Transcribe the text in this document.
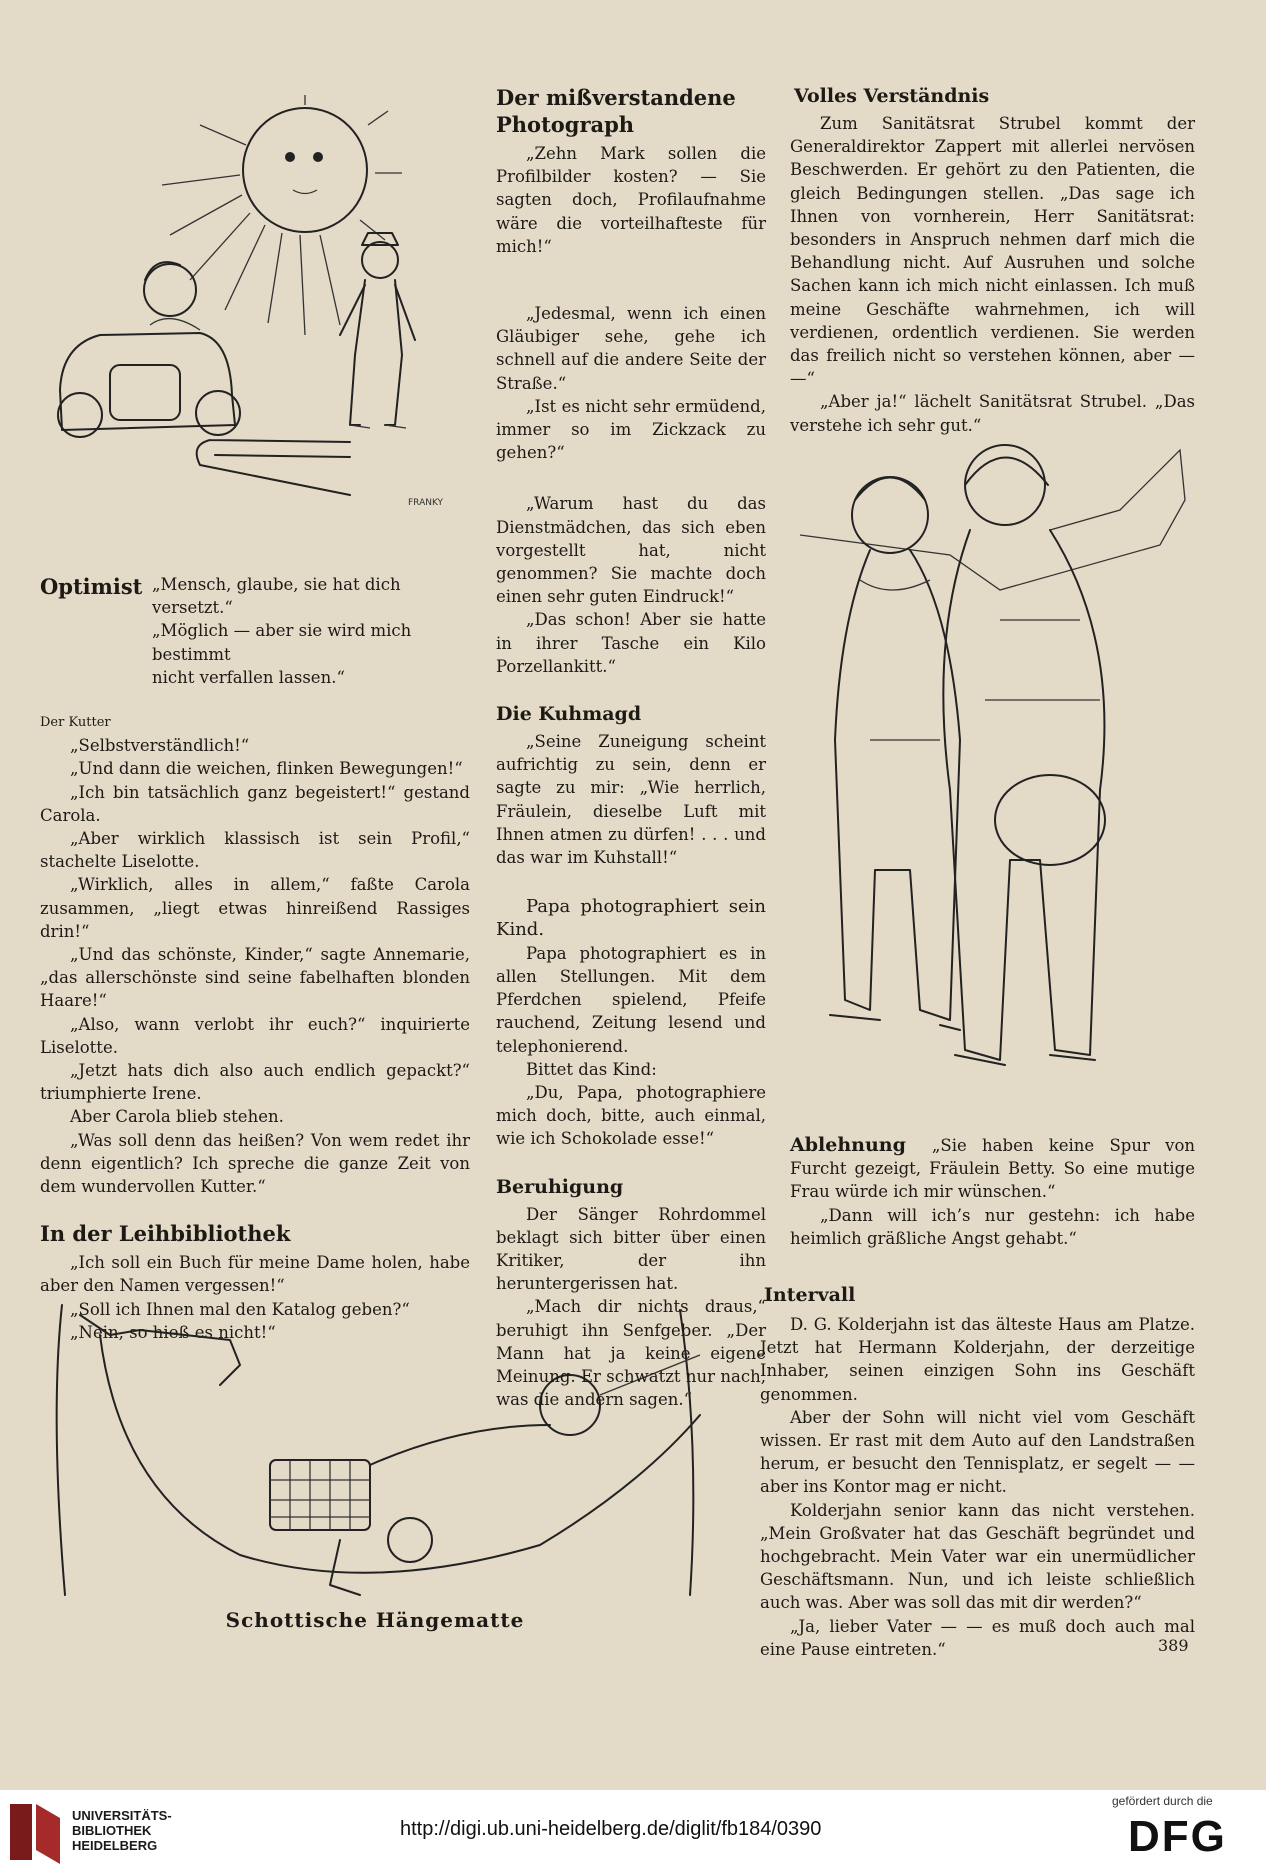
FRANKY
Optimist „Mensch, glaube, sie hat dich versetzt.“
„Möglich — aber sie wird mich bestimmt
nicht verfallen lassen.“
Der Kutter

„Selbstverständlich!“

„Und dann die weichen, flinken Bewegungen!“

„Ich bin tatsächlich ganz begeistert!“ gestand Carola.

„Aber wirklich klassisch ist sein Profil,“ stachelte Liselotte.

„Wirklich, alles in allem,“ faßte Carola zusammen, „liegt etwas hinreißend Rassiges drin!“

„Und das schönste, Kinder,“ sagte Annemarie, „das allerschönste sind seine fabelhaften blonden Haare!“

„Also, wann verlobt ihr euch?“ inquirierte Liselotte.

„Jetzt hats dich also auch endlich gepackt?“ triumphierte Irene.

Aber Carola blieb stehen.

„Was soll denn das heißen? Von wem redet ihr denn eigentlich? Ich spreche die ganze Zeit von dem wundervollen Kutter.“

In der Leihbibliothek

„Ich soll ein Buch für meine Dame holen, habe aber den Namen vergessen!“

„Soll ich Ihnen mal den Katalog geben?“

„Nein, so hieß es nicht!“

Schottische Hängematte
Der mißverstandene
Photograph

„Zehn Mark sollen die Profilbilder kosten? — Sie sagten doch, Profilaufnahme wäre die vorteilhafteste für mich!“

„Jedesmal, wenn ich einen Gläubiger sehe, gehe ich schnell auf die andere Seite der Straße.“

„Ist es nicht sehr ermüdend, immer so im Zickzack zu gehen?“

„Warum hast du das Dienstmädchen, das sich eben vorgestellt hat, nicht genommen? Sie machte doch einen sehr guten Eindruck!“

„Das schon! Aber sie hatte in ihrer Tasche ein Kilo Porzellankitt.“

Die Kuhmagd

„Seine Zuneigung scheint aufrichtig zu sein, denn er sagte zu mir: „Wie herrlich, Fräulein, dieselbe Luft mit Ihnen atmen zu dürfen! . . . und das war im Kuhstall!“

Papa photographiert sein Kind.

Papa photographiert es in allen Stellungen. Mit dem Pferdchen spielend, Pfeife rauchend, Zeitung lesend und telephonierend.

Bittet das Kind:

„Du, Papa, photographiere mich doch, bitte, auch einmal, wie ich Schokolade esse!“

Beruhigung

Der Sänger Rohrdommel beklagt sich bitter über einen Kritiker, der ihn heruntergerissen hat.

„Mach dir nichts draus,“ beruhigt ihn Senfgeber. „Der Mann hat ja keine eigene Meinung. Er schwatzt nur nach, was die andern sagen.“

Volles Verständnis

Zum Sanitätsrat Strubel kommt der Generaldirektor Zappert mit allerlei nervösen Beschwerden. Er gehört zu den Patienten, die gleich Bedingungen stellen. „Das sage ich Ihnen von vornherein, Herr Sanitätsrat: besonders in Anspruch nehmen darf mich die Behandlung nicht. Auf Ausruhen und solche Sachen kann ich mich nicht einlassen. Ich muß meine Geschäfte wahrnehmen, ich will verdienen, ordentlich verdienen. Sie werden das freilich nicht so verstehen können, aber — —“

„Aber ja!“ lächelt Sanitätsrat Strubel. „Das verstehe ich sehr gut.“

Ablehnung „Sie haben keine Spur von Furcht gezeigt, Fräulein Betty. So eine mutige Frau würde ich mir wünschen.“

„Dann will ich’s nur gestehn: ich habe heimlich gräßliche Angst gehabt.“

Intervall

D. G. Kolderjahn ist das älteste Haus am Platze. Jetzt hat Hermann Kolderjahn, der derzeitige Inhaber, seinen einzigen Sohn ins Geschäft genommen.

Aber der Sohn will nicht viel vom Geschäft wissen. Er rast mit dem Auto auf den Landstraßen herum, er besucht den Tennisplatz, er segelt — — aber ins Kontor mag er nicht.

Kolderjahn senior kann das nicht verstehen. „Mein Großvater hat das Geschäft begründet und hochgebracht. Mein Vater war ein unermüdlicher Geschäftsmann. Nun, und ich leiste schließlich auch was. Aber was soll das mit dir werden?“

„Ja, lieber Vater — — es muß doch auch mal eine Pause eintreten.“	389
UNIVERSITÄTS-
BIBLIOTHEK
HEIDELBERG
http://digi.ub.uni-heidelberg.de/diglit/fb184/0390
gefördert durch die
DFG
